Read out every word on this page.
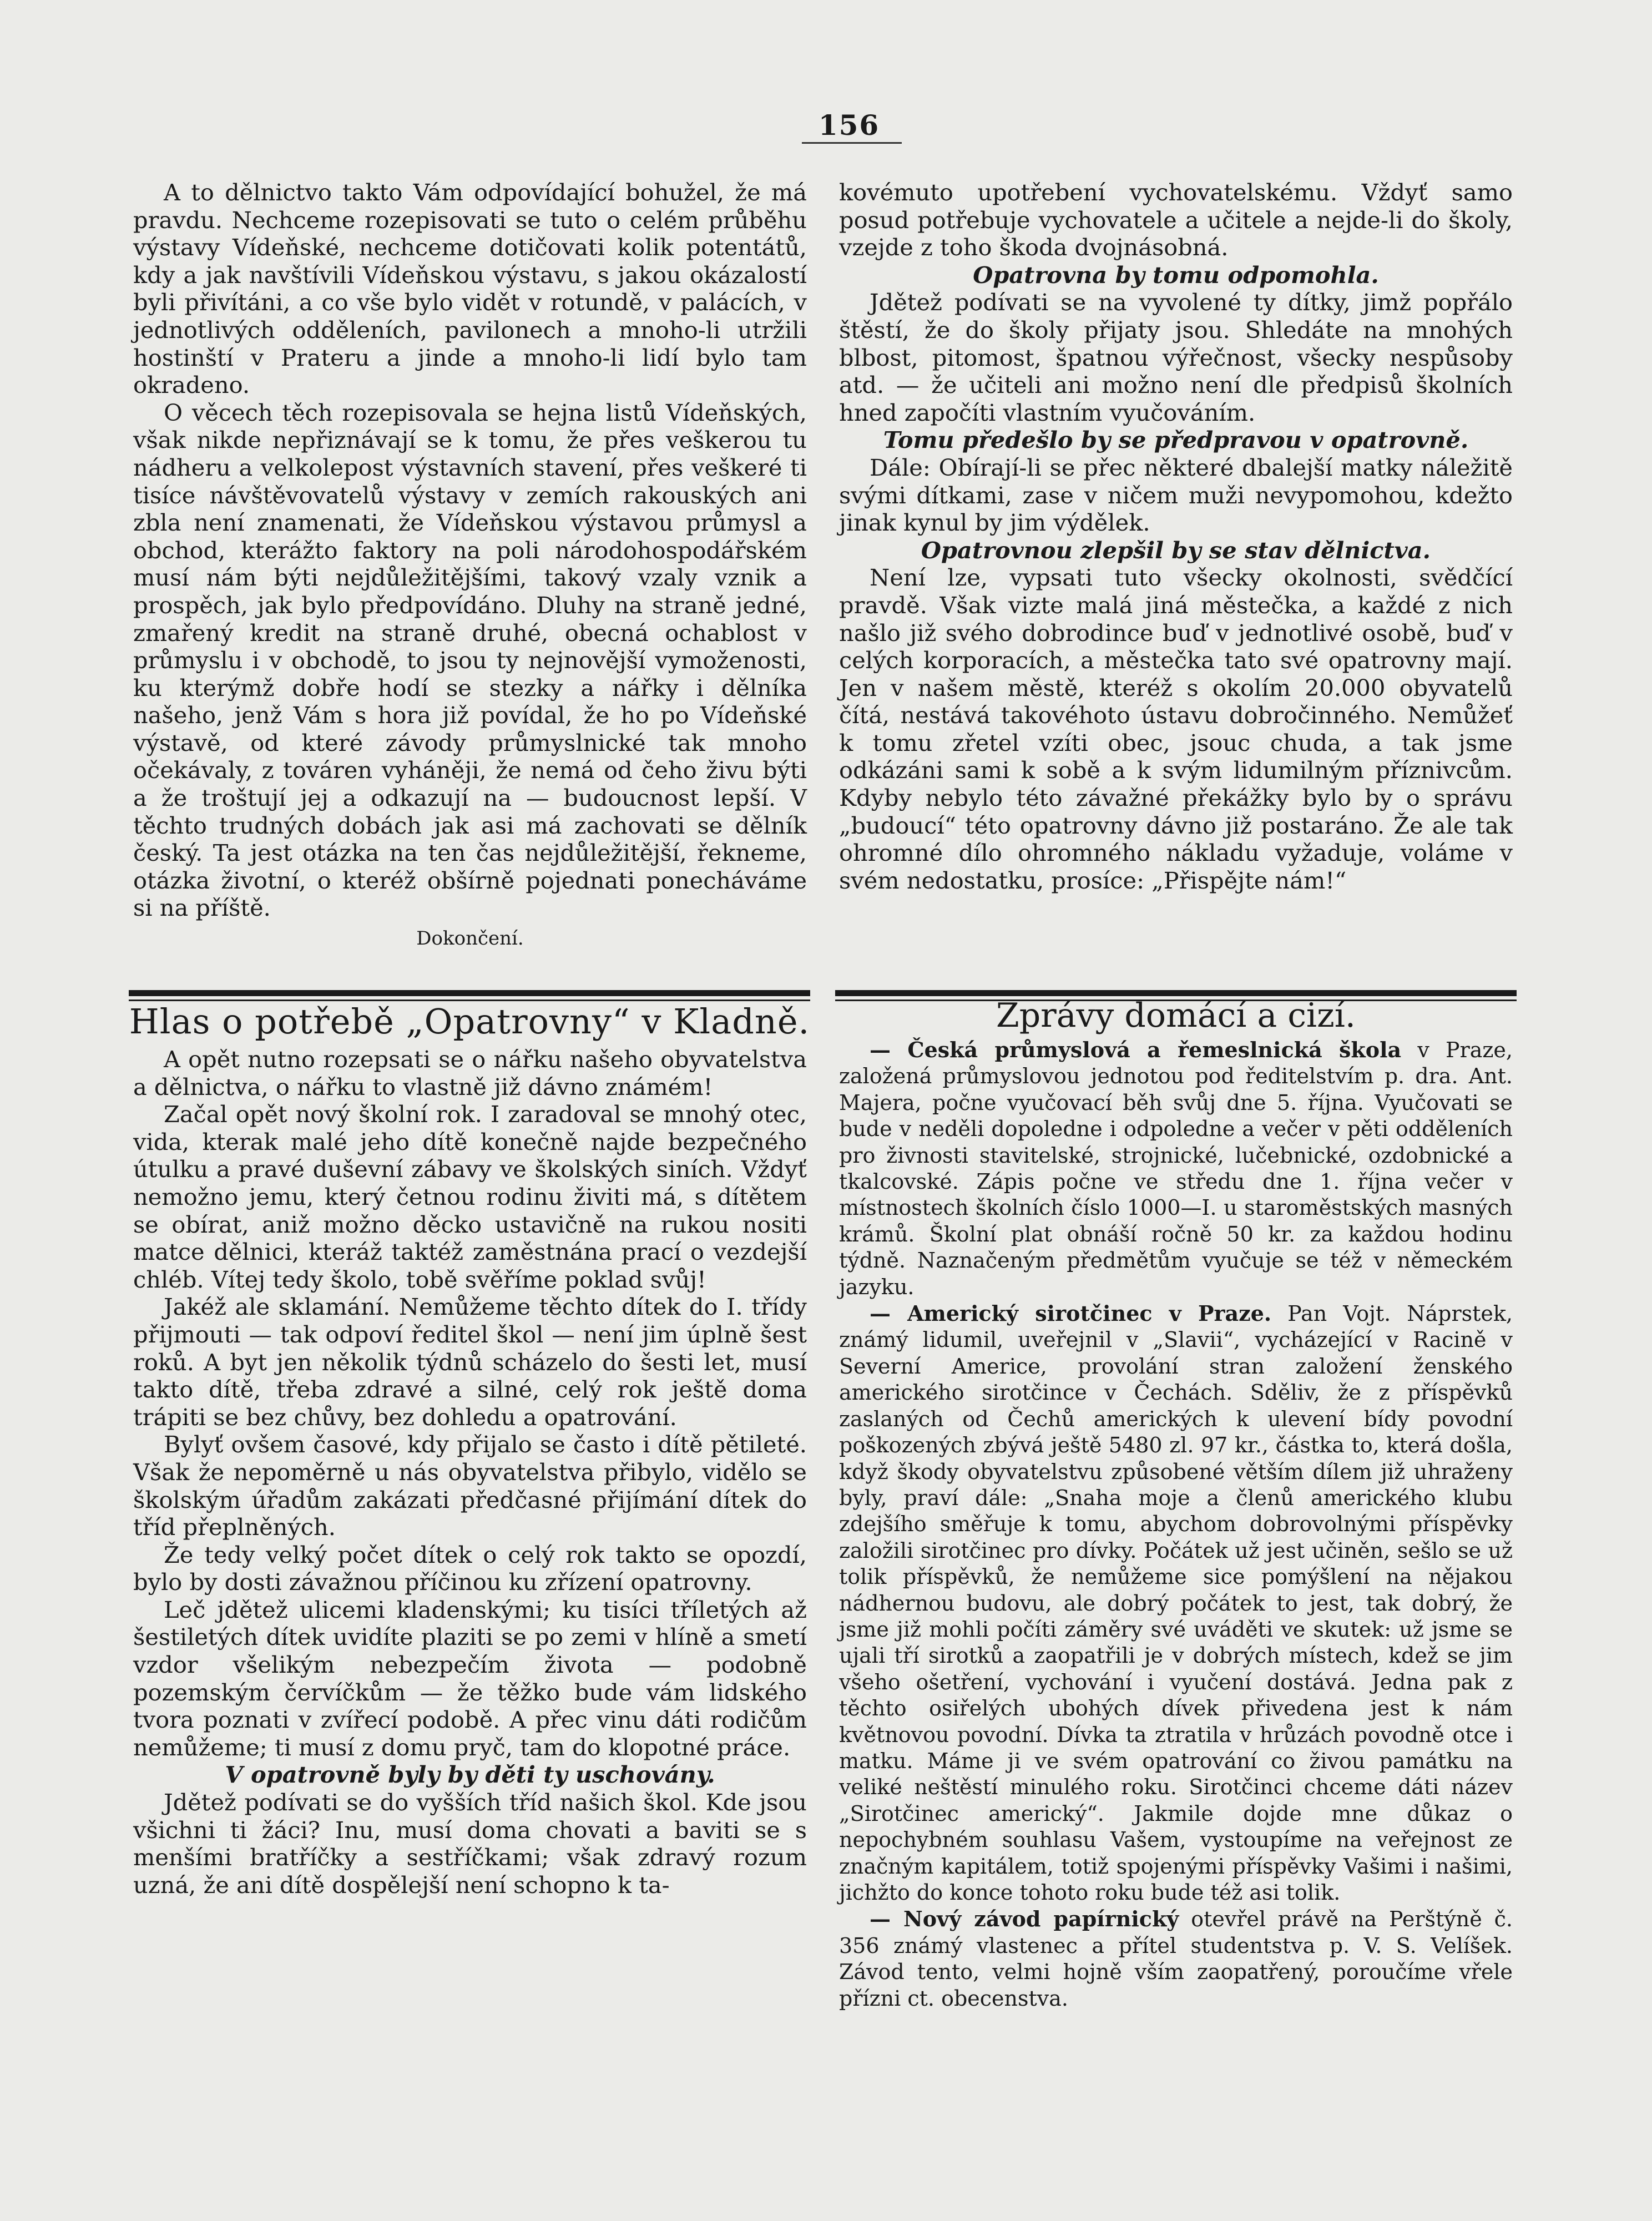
156

A to dělnictvo takto Vám odpovídající bohužel, že má pravdu. Nechceme rozepisovati se tuto o celém průběhu výstavy Vídeňské, nechceme dotičovati kolik potentátů, kdy a jak navštívili Vídeňskou výstavu, s jakou okázalostí byli přivítáni, a co vše bylo vidět v rotundě, v palácích, v jednotlivých odděleních, pavilonech a mnoho-li utržili hostinští v Prateru a jinde a mnoho-li lidí bylo tam okradeno.

O věcech těch rozepisovala se hejna listů Vídeňských, však nikde nepřiznávají se k tomu, že přes veškerou tu nádheru a velkolepost výstavních stavení, přes veškeré ti tisíce návštěvovatelů výstavy v zemích rakouských ani zbla není znamenati, že Vídeňskou výstavou průmysl a obchod, kterážto faktory na poli národohospodářském musí nám býti nejdůležitějšími, takový vzaly vznik a prospěch, jak bylo předpovídáno. Dluhy na straně jedné, zmařený kredit na straně druhé, obecná ochablost v průmyslu i v obchodě, to jsou ty nejnovější vymoženosti, ku kterýmž dobře hodí se stezky a nářky i dělníka našeho, jenž Vám s hora již povídal, že ho po Vídeňské výstavě, od které závody průmyslnické tak mnoho očekávaly, z továren vyháněji, že nemá od čeho živu býti a že troštují jej a odkazují na — budoucnost lepší. V těchto trudných dobách jak asi má zachovati se dělník český. Ta jest otázka na ten čas nejdůležitější, řekneme, otázka životní, o kteréž obšírně pojednati ponecháváme si na příště.

Dokončení.
Hlas o potřebě „Opatrovny“ v Kladně.

A opět nutno rozepsati se o nářku našeho obyvatelstva a dělnictva, o nářku to vlastně již dávno známém!

Začal opět nový školní rok. I zaradoval se mnohý otec, vida, kterak malé jeho dítě konečně najde bezpečného útulku a pravé duševní zábavy ve školských siních. Vždyť nemožno jemu, který četnou rodinu živiti má, s dítětem se obírat, aniž možno děcko ustavičně na rukou nositi matce dělnici, kteráž taktéž zaměstnána prací o vezdejší chléb. Vítej tedy školo, tobě svěříme poklad svůj!

Jakéž ale sklamání. Nemůžeme těchto dítek do I. třídy přijmouti — tak odpoví ředitel škol — není jim úplně šest roků. A byt jen několik týdnů scházelo do šesti let, musí takto dítě, třeba zdravé a silné, celý rok ještě doma trápiti se bez chůvy, bez dohledu a opatrování.

Bylyť ovšem časové, kdy přijalo se často i dítě pětileté. Však že nepoměrně u nás obyvatelstva přibylo, vidělo se školským úřadům zakázati předčasné přijímání dítek do tříd přeplněných.

Že tedy velký počet dítek o celý rok takto se opozdí, bylo by dosti závažnou příčinou ku zřízení opatrovny.

Leč jdětež ulicemi kladenskými; ku tisíci tříletých až šestiletých dítek uvidíte plaziti se po zemi v hlíně a smetí vzdor všelikým nebezpečím života — podobně pozemským červíčkům — že těžko bude vám lidského tvora poznati v zvířecí podobě. A přec vinu dáti rodičům nemůžeme; ti musí z domu pryč, tam do klopotné práce.

V opatrovně byly by děti ty uschovány.

Jdětež podívati se do vyšších tříd našich škol. Kde jsou všichni ti žáci? Inu, musí doma chovati a baviti se s menšími bratříčky a sestříčkami; však zdravý rozum uzná, že ani dítě dospělejší není schopno k ta-

kovémuto upotřebení vychovatelskému. Vždyť samo posud potřebuje vychovatele a učitele a nejde-li do školy, vzejde z toho škoda dvojnásobná.

Opatrovna by tomu odpomohla.

Jdětež podívati se na vyvolené ty dítky, jimž popřálo štěstí, že do školy přijaty jsou. Shledáte na mnohých blbost, pitomost, špatnou výřečnost, všecky nespůsoby atd. — že učiteli ani možno není dle předpisů školních hned započíti vlastním vyučováním.

Tomu předešlo by se předpravou v opatrovně.

Dále: Obírají-li se přec některé dbalejší matky náležitě svými dítkami, zase v ničem muži nevypomohou, kdežto jinak kynul by jim výdělek.

Opatrovnou zlepšil by se stav dělnictva.

Není lze, vypsati tuto všecky okolnosti, svědčící pravdě. Však vizte malá jiná městečka, a každé z nich našlo již svého dobrodince buď v jednotlivé osobě, buď v celých korporacích, a městečka tato své opatrovny mají. Jen v našem městě, kteréž s okolím 20.000 obyvatelů čítá, nestává takovéhoto ústavu dobročinného. Nemůžeť k tomu zřetel vzíti obec, jsouc chuda, a tak jsme odkázáni sami k sobě a k svým lidumilným příznivcům. Kdyby nebylo této závažné překážky bylo by o správu „budoucí“ této opatrovny dávno již postaráno. Že ale tak ohromné dílo ohromného nákladu vyžaduje, voláme v svém nedostatku, prosíce: „Přispějte nám!“

Zprávy domácí a cizí.

— Česká průmyslová a řemeslnická škola v Praze, založená průmyslovou jednotou pod ředitelstvím p. dra. Ant. Majera, počne vyučovací běh svůj dne 5. října. Vyučovati se bude v neděli dopoledne i odpoledne a večer v pěti odděleních pro živnosti stavitelské, strojnické, lučebnické, ozdobnické a tkalcovské. Zápis počne ve středu dne 1. října večer v místnostech školních číslo 1000—I. u staroměstských masných krámů. Školní plat obnáší ročně 50 kr. za každou hodinu týdně. Naznačeným předmětům vyučuje se též v německém jazyku.

— Americký sirotčinec v Praze. Pan Vojt. Náprstek, známý lidumil, uveřejnil v „Slavii“, vycházející v Racině v Severní Americe, provolání stran založení ženského amerického sirotčince v Čechách. Sděliv, že z příspěvků zaslaných od Čechů amerických k ulevení bídy povodní poškozených zbývá ještě 5480 zl. 97 kr., částka to, která došla, když škody obyvatelstvu způsobené větším dílem již uhraženy byly, praví dále: „Snaha moje a členů amerického klubu zdejšího směřuje k tomu, abychom dobrovolnými příspěvky založili sirotčinec pro dívky. Počátek už jest učiněn, sešlo se už tolik příspěvků, že nemůžeme sice pomýšlení na nějakou nádhernou budovu, ale dobrý počátek to jest, tak dobrý, že jsme již mohli počíti záměry své uváděti ve skutek: už jsme se ujali tří sirotků a zaopatřili je v dobrých místech, kdež se jim všeho ošetření, vychování i vyučení dostává. Jedna pak z těchto osiřelých ubohých dívek přivedena jest k nám květnovou povodní. Dívka ta ztratila v hrůzách povodně otce i matku. Máme ji ve svém opatrování co živou památku na veliké neštěstí minulého roku. Sirotčinci chceme dáti název „Sirotčinec americký“. Jakmile dojde mne důkaz o nepochybném souhlasu Vašem, vystoupíme na veřejnost ze značným kapitálem, totiž spojenými příspěvky Vašimi i našimi, jichžto do konce tohoto roku bude též asi tolik.

— Nový závod papírnický otevřel právě na Perštýně č. 356 známý vlastenec a přítel studentstva p. V. S. Velíšek. Závod tento, velmi hojně vším zaopatřený, poroučíme vřele přízni ct. obecenstva.
